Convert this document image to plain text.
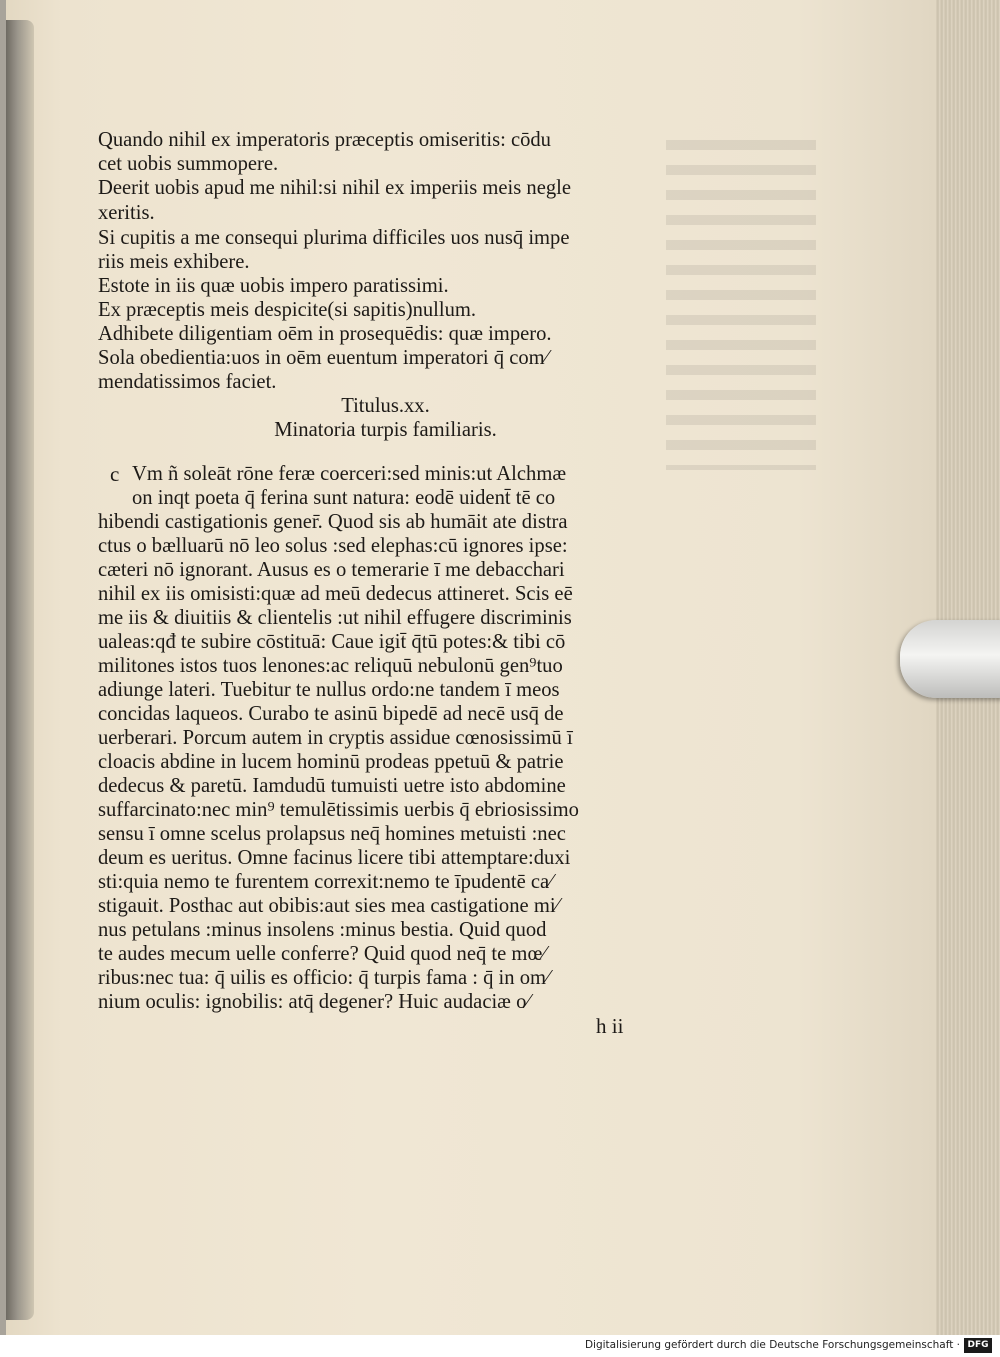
Quando nihil ex imperatoris præceptis omiseritis: cōdu
cet uobis summopere.
Deerit uobis apud me nihil:si nihil ex imperiis meis negle
xeritis.
Si cupitis a me consequi plurima difficiles uos nusq̄ impe
riis meis exhibere.
Estote in iis quæ uobis impero paratissimi.
Ex præceptis meis despicite(si sapitis)nullum.
Adhibete diligentiam oēm in prosequēdis: quæ impero.
Sola obedientia:uos in oēm euentum imperatori q̄ com⁄
mendatissimos faciet.
Titulus.xx.
Minatoria turpis familiaris.
c Vm ñ soleāt rōne feræ coerceri:sed minis:ut Alchmæ
on inqt poeta q̄ ferina sunt natura: eodē uident̄ tē co
hibendi castigationis gener̄. Quod sis ab humāit ate distra
ctus o bælluarū nō leo solus :sed elephas:cū ignores ipse:
cæteri nō ignorant. Ausus es o temerarie ī me debacchari
nihil ex iis omisisti:quæ ad meū dedecus attineret. Scis eē
me iis & diuitiis & clientelis :ut nihil effugere discriminis
ualeas:qđ te subire cōstituā: Caue igit̄ q̄tū potes:& tibi cō
militones istos tuos lenones:ac reliquū nebulonū gen⁹tuo
adiunge lateri. Tuebitur te nullus ordo:ne tandem ī meos
concidas laqueos. Curabo te asinū bipedē ad necē usq̄ de
uerberari. Porcum autem in cryptis assidue cœnosissimū ī
cloacis abdine in lucem hominū prodeas ppetuū & patrie
dedecus & paretū. Iamdudū tumuisti uetre isto abdomine
suffarcinato:nec min⁹ temulētissimis uerbis q̄ ebriosissimo
sensu ī omne scelus prolapsus neq̄ homines metuisti :nec
deum es ueritus. Omne facinus licere tibi attemptare:duxi
sti:quia nemo te furentem correxit:nemo te īpudentē ca⁄
stigauit. Posthac aut obibis:aut sies mea castigatione mi⁄
nus petulans :minus insolens :minus bestia. Quid quod
te audes mecum uelle conferre? Quid quod neq̄ te mœ⁄
ribus:nec tua: q̄ uilis es officio: q̄ turpis fama : q̄ in om⁄
nium oculis: ignobilis: atq̄ degener? Huic audaciæ o⁄
h ii
Digitalisierung gefördert durch die Deutsche Forschungsgemeinschaft · DFG
